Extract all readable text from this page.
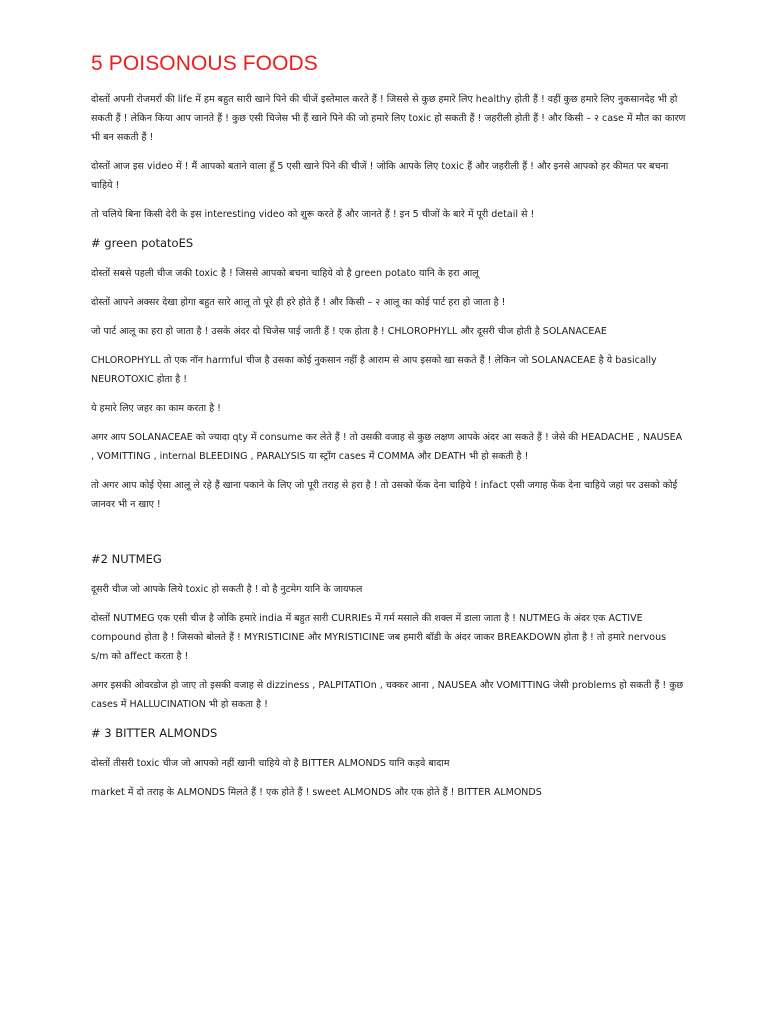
5 POISONOUS FOODS

दोस्तों अपनी रोजमर्रा की life में हम बहुत सारी खाने पिने की चीजें इस्तेमाल करते हैं ! जिससे से कुछ हमारे लिए healthy होती हैं ! वहीं कुछ हमारे लिए नुकसानदेह भी हो सकती हैं ! लेकिन किया आप जानते हैं ! कुछ एसी चिजेस भी हैं खाने पिने की जो हमारे लिए toxic हो सकती हैं ! जहरीली होती हैं ! और किसी – २ case में मौत का कारण भी बन सकती हैं !

दोस्तों आज इस video में ! मैं आपको बताने वाला हूँ 5 एसी खाने पिने की चीजें ! जोकि आपके लिए toxic हैं और जहरीली हैं ! और इनसे आपको हर कीमत पर बचना चाहिये !

तो चलिये बिना किसी देरी के इस interesting video को शुरू करते हैं और जानते हैं ! इन 5 चीजों के बारे में पूरी detail से !

# green potatoES

दोस्तों सबसे पहली चीज जकी toxic है ! जिससे आपको बचना चाहिये वो है green potato यानि के हरा आलू

दोस्तों आपने अक्सर देखा होगा बहुत सारे आलू तो पूरे ही हरे होते हैं ! और किसी – २ आलू का कोई पार्ट हरा हो जाता है !

जो पार्ट आलू का हरा हो जाता है ! उसके अंदर दो चिजेस पाई जाती हैं ! एक होता है ! CHLOROPHYLL और दूसरी चीज होती है SOLANACEAE

CHLOROPHYLL तो एक नॉन harmful चीज है उसका कोई नुकसान नहीं है आराम से आप इसको खा सकते हैं ! लेकिन जो SOLANACEAE है ये basically NEUROTOXIC होता है !

ये हमारे लिए जहर का काम करता है !

अगर आप SOLANACEAE को ज्यादा qty में consume कर लेते हैं ! तो उसकी वजाह से कुछ लक्षण आपके अंदर आ सकते हैं ! जेसे की HEADACHE , NAUSEA , VOMITTING , internal BLEEDING , PARALYSIS या स्ट्रॉंग cases में COMMA और DEATH भी हो सकती है !

तो अगर आप कोई ऐसा आलू ले रहे हैं खाना पकाने के लिए जो पूरी तराह से हरा है ! तो उसको फेंक देना चाहिये ! infact एसी जगाह फेंक देना चाहिये जहां पर उसको कोई जानवर भी न खाए !

#2 NUTMEG

दूसरी चीज जो आपके लिये toxic हो सकती है ! वो है नुटमेग यानि के जायफल

दोस्तों NUTMEG एक एसी चीज है जोकि हमारे india में बहुत सारी CURRIEs में गर्म मसाले की शक्ल में डाला जाता है ! NUTMEG के अंदर एक ACTIVE compound होता है ! जिसको बोलते हैं ! MYRISTICINE और MYRISTICINE जब हमारी बॉडी के अंदर जाकर BREAKDOWN होता है ! तो हमारे nervous s/m को affect करता है !

अगर इसकी ओवरडोज हो जाए तो इसकी वजाह से dizziness , PALPITATIOn , चक्कर आना , NAUSEA और VOMITTING जेसी problems हो सकती हैं ! कुछ cases में HALLUCINATION भी हो सकता है !

# 3 BITTER ALMONDS

दोस्तों तीसरी toxic चीज जो आपको नहीं खानी चाहिये वो है BITTER ALMONDS यानि कड़वे बादाम

market में दो तराह के ALMONDS मिलते हैं ! एक होते हैं ! sweet ALMONDS और एक होते हैं ! BITTER ALMONDS
